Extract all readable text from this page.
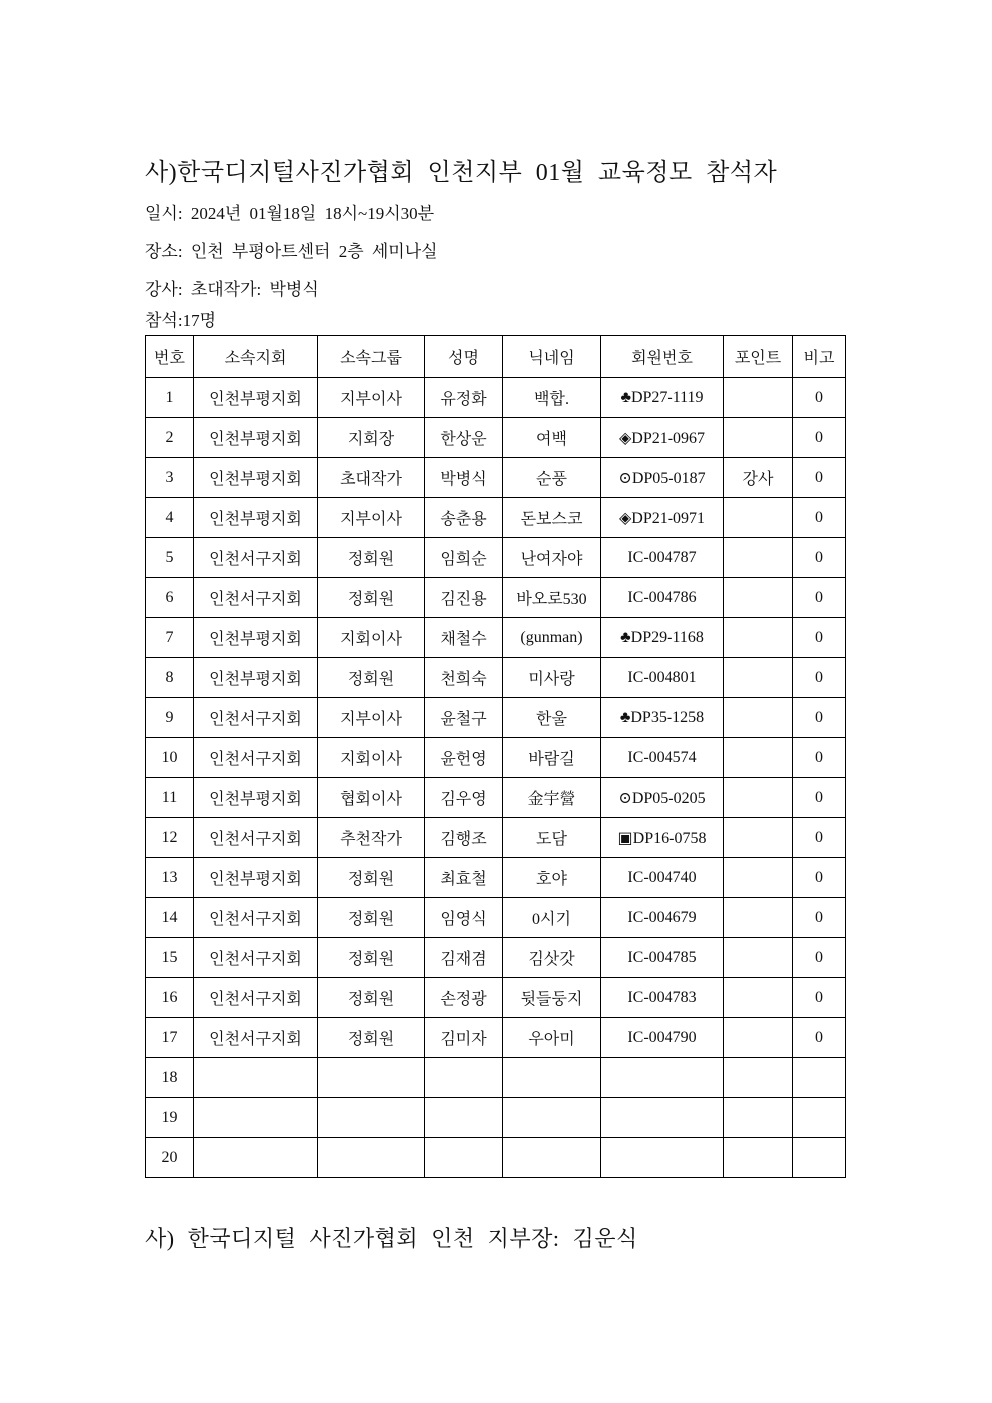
사)한국디지털사진가협회 인천지부 01월 교육정모 참석자

일시: 2024년 01월18일 18시~19시30분

장소: 인천 부평아트센터 2층 세미나실

강사: 초대작가: 박병식

참석:17명

번호	소속지회	소속그룹	성명	닉네임	회원번호	포인트	비고
1	인천부평지회	지부이사	유정화	백합.	♣DP27-1119		0
2	인천부평지회	지회장	한상운	여백	◈DP21-0967		0
3	인천부평지회	초대작가	박병식	순풍	⊙DP05-0187	강사	0
4	인천부평지회	지부이사	송춘용	돈보스코	◈DP21-0971		0
5	인천서구지회	정회원	임희순	난여자야	IC-004787		0
6	인천서구지회	정회원	김진용	바오로530	IC-004786		0
7	인천부평지회	지회이사	채철수	(gunman)	♣DP29-1168		0
8	인천부평지회	정회원	천희숙	미사랑	IC-004801		0
9	인천서구지회	지부이사	윤철구	한울	♣DP35-1258		0
10	인천서구지회	지회이사	윤헌영	바람길	IC-004574		0
11	인천부평지회	협회이사	김우영	金宇營	⊙DP05-0205		0
12	인천서구지회	추천작가	김행조	도담	▣DP16-0758		0
13	인천부평지회	정회원	최효철	호야	IC-004740		0
14	인천서구지회	정회원	임영식	0시기	IC-004679		0
15	인천서구지회	정회원	김재겸	김삿갓	IC-004785		0
16	인천서구지회	정회원	손정광	뒷들둥지	IC-004783		0
17	인천서구지회	정회원	김미자	우아미	IC-004790		0
18							
19							
20							

사) 한국디지털 사진가협회 인천 지부장: 김운식
